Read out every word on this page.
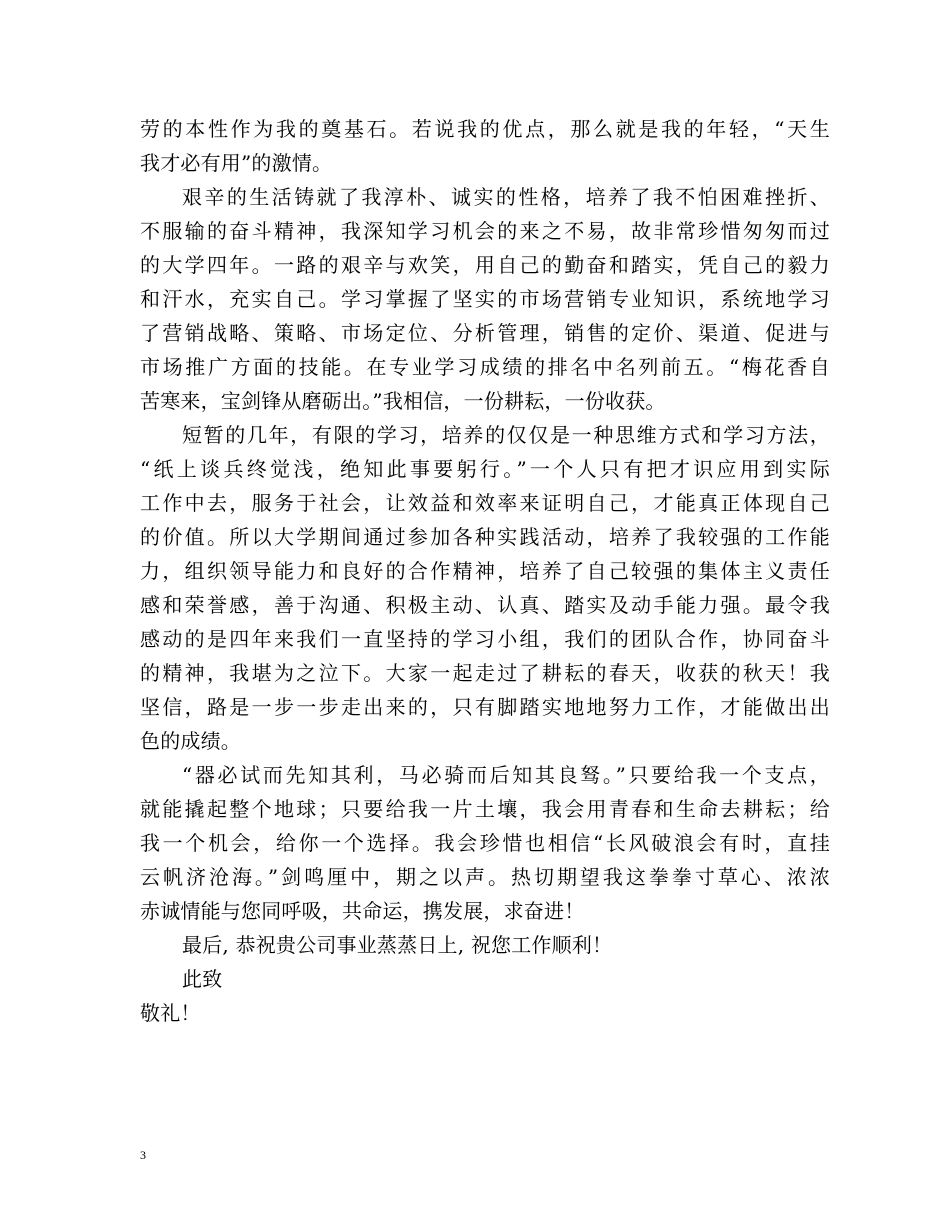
劳的本性作为我的奠基石。若说我的优点，那么就是我的年轻，“天生
我才必有用”的激情。
艰辛的生活铸就了我淳朴、诚实的性格，培养了我不怕困难挫折、
不服输的奋斗精神，我深知学习机会的来之不易，故非常珍惜匆匆而过
的大学四年。一路的艰辛与欢笑，用自己的勤奋和踏实，凭自己的毅力
和汗水，充实自己。学习掌握了坚实的市场营销专业知识，系统地学习
了营销战略、策略、市场定位、分析管理，销售的定价、渠道、促进与
市场推广方面的技能。在专业学习成绩的排名中名列前五。“梅花香自
苦寒来，宝剑锋从磨砺出。”我相信，一份耕耘，一份收获。
短暂的几年，有限的学习，培养的仅仅是一种思维方式和学习方法，
“纸上谈兵终觉浅，绝知此事要躬行。”一个人只有把才识应用到实际
工作中去，服务于社会，让效益和效率来证明自己，才能真正体现自己
的价值。所以大学期间通过参加各种实践活动，培养了我较强的工作能
力，组织领导能力和良好的合作精神，培养了自己较强的集体主义责任
感和荣誉感，善于沟通、积极主动、认真、踏实及动手能力强。最令我
感动的是四年来我们一直坚持的学习小组，我们的团队合作，协同奋斗
的精神，我堪为之泣下。大家一起走过了耕耘的春天，收获的秋天！我
坚信，路是一步一步走出来的，只有脚踏实地地努力工作，才能做出出
色的成绩。
“器必试而先知其利，马必骑而后知其良驽。”只要给我一个支点，
就能撬起整个地球；只要给我一片土壤，我会用青春和生命去耕耘；给
我一个机会，给你一个选择。我会珍惜也相信“长风破浪会有时，直挂
云帆济沧海。”剑鸣厘中，期之以声。热切期望我这拳拳寸草心、浓浓
赤诚情能与您同呼吸，共命运，携发展，求奋进！
最后, 恭祝贵公司事业蒸蒸日上, 祝您工作顺利！
此致
敬礼！
3
